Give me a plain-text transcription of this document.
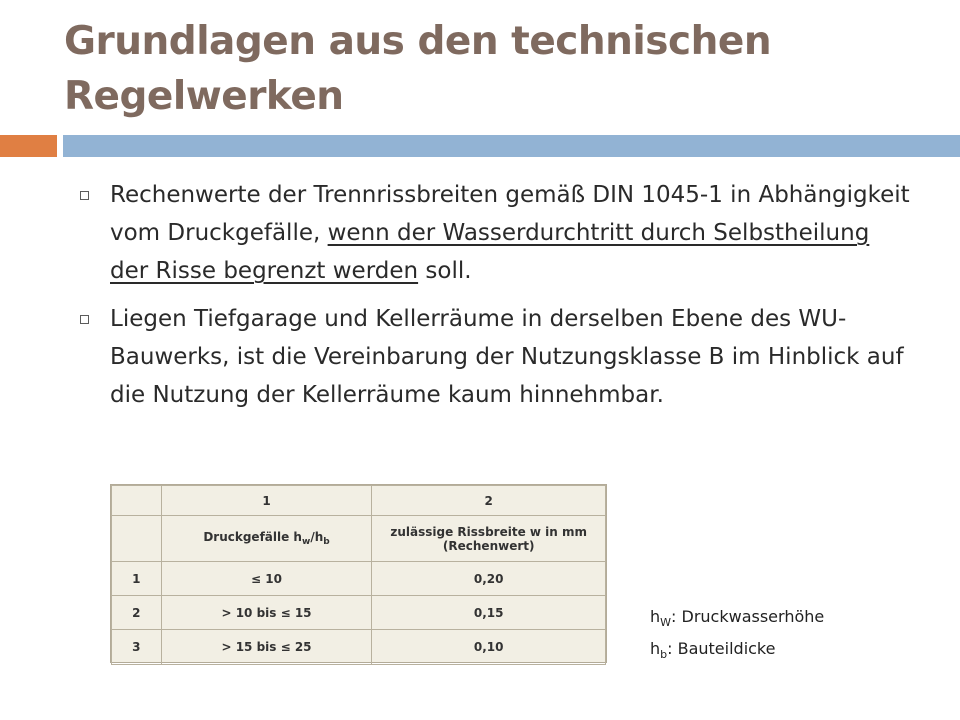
Grundlagen aus den technischen Regelwerken
Rechenwerte der Trennrissbreiten gemäß DIN 1045-1 in Abhängigkeit vom Druckgefälle, wenn der Wasserdurchtritt durch Selbstheilung der Risse begrenzt werden soll.
Liegen Tiefgarage und Kellerräume in derselben Ebene des WU-Bauwerks, ist die Vereinbarung der Nutzungsklasse B im Hinblick auf die Nutzung der Kellerräume kaum hinnehmbar.
	1	2
	Druckgefälle $h_w/h_b$	zulässige Rissbreite w in mm
(Rechenwert)

1	≤ 10	0,20
2	> 10 bis ≤ 15	0,15
3	> 15 bis ≤ 25	0,10
$h_W$: Druckwasserhöhe
$h_b$: Bauteildicke
